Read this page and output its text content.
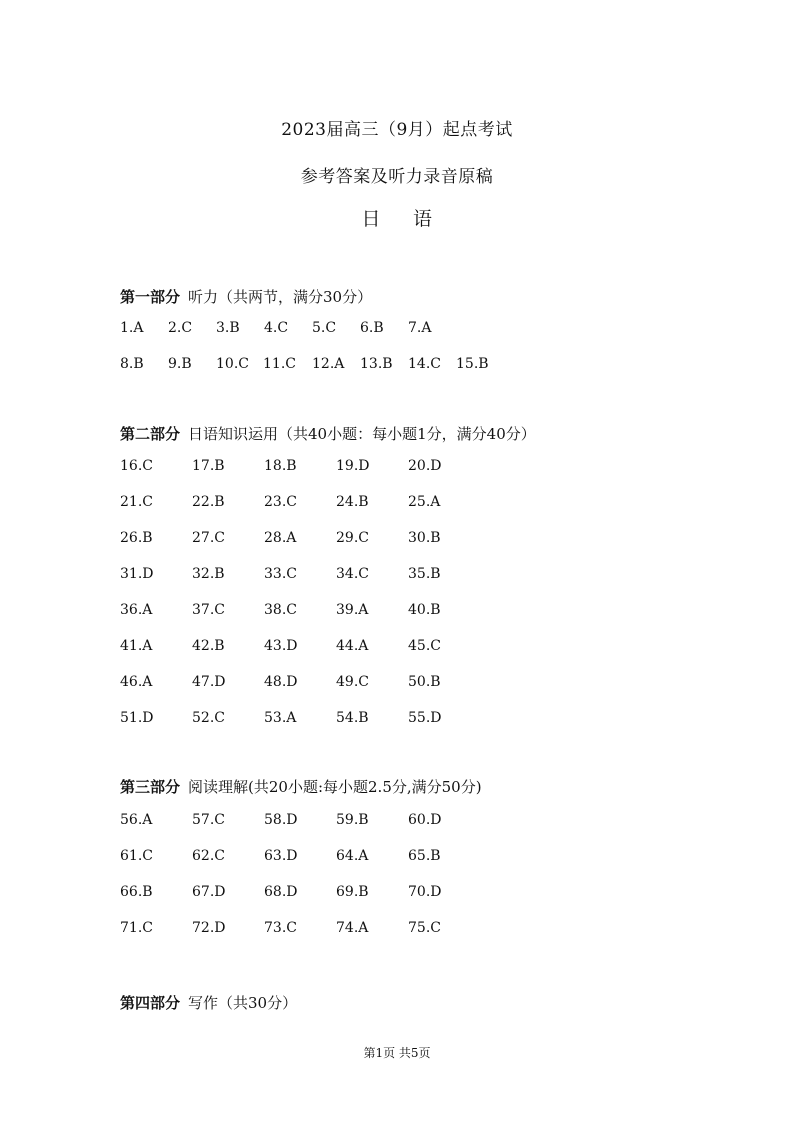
2023届高三（9月）起点考试
参考答案及听力录音原稿
日 语
第一部分 听力（共两节，满分30分）
1.A 2.C 3.B 4.C 5.C 6.B 7.A
8.B 9.B 10.C 11.C 12.A 13.B 14.C 15.B
第二部分 日语知识运用（共40小题：每小题1分，满分40分）
16.C	17.B	18.B	19.D	20.D
21.C	22.B	23.C	24.B	25.A
26.B	27.C	28.A	29.C	30.B
31.D	32.B	33.C	34.C	35.B
36.A	37.C	38.C	39.A	40.B
41.A	42.B	43.D	44.A	45.C
46.A	47.D	48.D	49.C	50.B
51.D	52.C	53.A	54.B	55.D
第三部分 阅读理解(共20小题:每小题2.5分,满分50分)
56.A	57.C	58.D	59.B	60.D
61.C	62.C	63.D	64.A	65.B
66.B	67.D	68.D	69.B	70.D
71.C	72.D	73.C	74.A	75.C
第四部分 写作（共30分）
第1页 共5页
